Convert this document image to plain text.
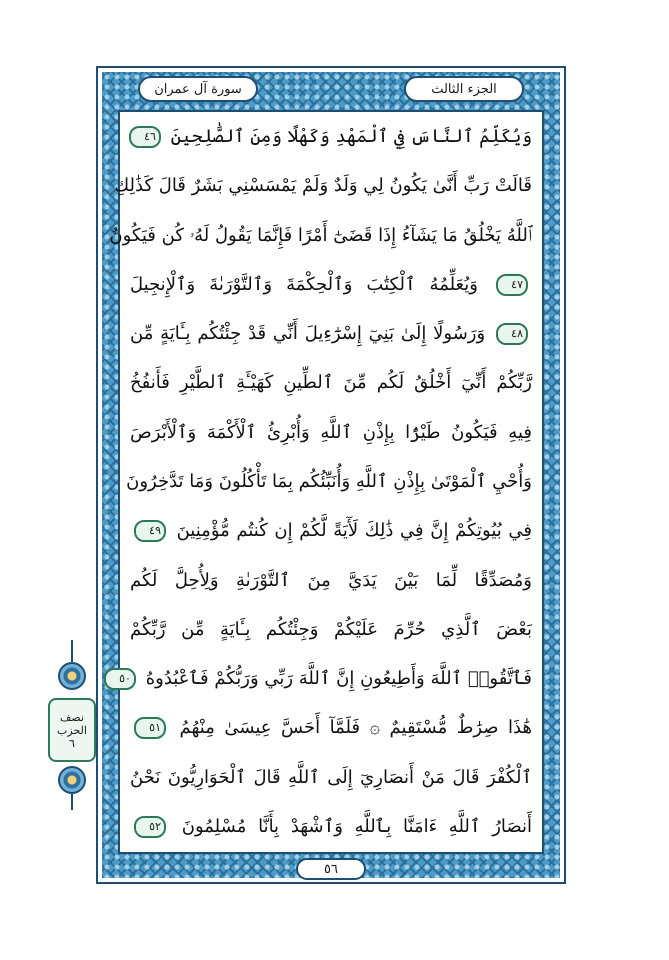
سورة آل عمران	الجزء الثالث
وَيُكَلِّمُ ٱلنَّاسَ فِي ٱلْمَهْدِ وَكَهْلًا وَمِنَ ٱلصَّٰلِحِينَ ٤٦
قَالَتْ رَبِّ أَنَّىٰ يَكُونُ لِي وَلَدٌ وَلَمْ يَمْسَسْنِي بَشَرٌ قَالَ كَذَٰلِكِ
ٱللَّهُ يَخْلُقُ مَا يَشَآءُ إِذَا قَضَىٰٓ أَمْرًا فَإِنَّمَا يَقُولُ لَهُۥ كُن فَيَكُونُ
٤٧ وَيُعَلِّمُهُ ٱلْكِتَٰبَ وَٱلْحِكْمَةَ وَٱلتَّوْرَىٰةَ وَٱلْإِنجِيلَ
٤٨ وَرَسُولًا إِلَىٰ بَنِيٓ إِسْرَٰٓءِيلَ أَنِّي قَدْ جِئْتُكُم بِـَٔايَةٍ مِّن
رَّبِّكُمْ أَنِّيٓ أَخْلُقُ لَكُم مِّنَ ٱلطِّينِ كَهَيْـَٔةِ ٱلطَّيْرِ فَأَنفُخُ
فِيهِ فَيَكُونُ طَيْرًۢا بِإِذْنِ ٱللَّهِ وَأُبْرِئُ ٱلْأَكْمَهَ وَٱلْأَبْرَصَ
وَأُحْيِ ٱلْمَوْتَىٰ بِإِذْنِ ٱللَّهِ وَأُنَبِّئُكُم بِمَا تَأْكُلُونَ وَمَا تَدَّخِرُونَ
فِي بُيُوتِكُمْ إِنَّ فِي ذَٰلِكَ لَأٓيَةً لَّكُمْ إِن كُنتُم مُّؤْمِنِينَ ٤٩
وَمُصَدِّقًا لِّمَا بَيْنَ يَدَيَّ مِنَ ٱلتَّوْرَىٰةِ وَلِأُحِلَّ لَكُم
بَعْضَ ٱلَّذِي حُرِّمَ عَلَيْكُمْ وَجِئْتُكُم بِـَٔايَةٍ مِّن رَّبِّكُمْ
فَٱتَّقُوا۟ ٱللَّهَ وَأَطِيعُونِ إِنَّ ٱللَّهَ رَبِّي وَرَبُّكُمْ فَٱعْبُدُوهُ ٥٠
هَٰذَا صِرَٰطٌ مُّسْتَقِيمٌ ۞ فَلَمَّآ أَحَسَّ عِيسَىٰ مِنْهُمُ ٥١
ٱلْكُفْرَ قَالَ مَنْ أَنصَارِيٓ إِلَى ٱللَّهِ قَالَ ٱلْحَوَارِيُّونَ نَحْنُ
أَنصَارُ ٱللَّهِ ءَامَنَّا بِٱللَّهِ وَٱشْهَدْ بِأَنَّا مُسْلِمُونَ ٥٢
٥٦
نصف
الحزب
٦
